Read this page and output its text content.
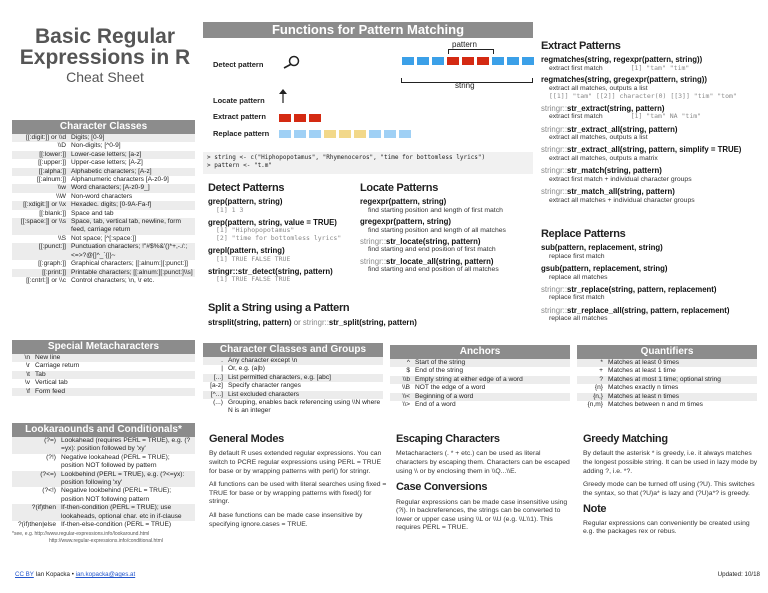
Basic Regular
Expressions in R
Cheat Sheet
Character Classes
[[:digit:]] or \\d	Digits; [0-9]
\\D	Non-digits; [^0-9]
[[:lower:]]	Lower-case letters; [a-z]
[[:upper:]]	Upper-case letters; [A-Z]
[[:alpha:]]	Alphabetic characters; [A-z]
[[:alnum:]]	Alphanumeric characters [A-z0-9]
\\w	Word characters; [A-z0-9_]
\\W	Non-word characters
[[:xdigit:]] or \\x	Hexadec. digits; [0-9A-Fa-f]
[[:blank:]]	Space and tab
[[:space:]] or \\s	Space, tab, vertical tab, newline, form feed, carriage return
\\S	Not space; [^[:space:]]
[[:punct:]]	Punctuation characters; !"#$%&'()*+,-./:;<=>?@[]^_`{|}~
[[:graph:]]	Graphical characters; [[:alnum:][:punct:]]
[[:print:]]	Printable characters; [[:alnum:][:punct:]\\s]
[[:cntrl:]] or \\c	Control characters; \n, \r etc.
Special Metacharacters
\n	New line
\r	Carriage return
\t	Tab
\v	Vertical tab
\f	Form feed
Lookaraounds and Conditionals*
(?=)	Lookahead (requires PERL = TRUE), e.g. (?=yx): position followed by 'xy'
(?!)	Negative lookahead (PERL = TRUE); position NOT followed by pattern
(?<=)	Lookbehind (PERL = TRUE), e.g. (?<=yx): position following 'xy'
(?<!)	Negative lookbehind (PERL = TRUE); position NOT following pattern
?(if)then	If-then-condition (PERL = TRUE); use lookaheads, optional char. etc in if-clause
?(if)then|else	If-then-else-condition (PERL = TRUE)
*see, e.g. http://www.regular-expressions.info/lookaround.html
http://www.regular-expressions.info/conditional.html
Functions for Pattern Matching
Detect pattern
pattern
string
Locate pattern
Extract pattern
Replace pattern
> string <- c("Hiphopopotamus", "Rhymenoceros", "time for bottomless lyrics")
> pattern <- "t.m"
Detect Patterns
grep(pattern, string)
[1] 1 3
grep(pattern, string, value = TRUE)
[1] "Hiphopopotamus"
[2] "time for bottomless lyrics"
grepl(pattern, string)
[1] TRUE FALSE TRUE
stringr::str_detect(string, pattern)
[1] TRUE FALSE TRUE
Split a String using a Pattern
strsplit(string, pattern) or stringr::str_split(string, pattern)
Locate Patterns
regexpr(pattern, string)
find starting position and length of first match
gregexpr(pattern, string)
find starting position and length of all matches
stringr::str_locate(string, pattern)
find starting and end position of first match
stringr::str_locate_all(string, pattern)
find starting and end position of all matches
Extract Patterns
regmatches(string, regexpr(pattern, string))
extract first match	[1] "tam" "tim"
regmatches(string, gregexpr(pattern, string))
extract all matches, outputs a list
[[1]] "tam" [[2]] character(0) [[3]] "tim" "tom"
stringr::str_extract(string, pattern)
extract first match	[1] "tam" NA "tim"
stringr::str_extract_all(string, pattern)
extract all matches, outputs a list
stringr::str_extract_all(string, pattern, simplify = TRUE)
extract all matches, outputs a matrix
stringr::str_match(string, pattern)
extract first match + individual character groups
stringr::str_match_all(string, pattern)
extract all matches + individual character groups
Replace Patterns
sub(pattern, replacement, string)
replace first match
gsub(pattern, replacement, string)
replace all matches
stringr::str_replace(string, pattern, replacement)
replace first match
stringr::str_replace_all(string, pattern, replacement)
replace all matches
Character Classes and Groups
.	Any character except \n
|	Or, e.g. (a|b)
[...]	List permitted characters, e.g. [abc]
[a-z]	Specify character ranges
[^...]	List excluded characters
(...)	Grouping, enables back referencing using \\N where N is an integer
Anchors
^	Start of the string
$	End of the string
\\b	Empty string at either edge of a word
\\B	NOT the edge of a word
\\<	Beginning of a word
\\>	End of a word
Quantifiers
*	Matches at least 0 times
+	Matches at least 1 time
?	Matches at most 1 time; optional string
{n}	Matches exactly n times
{n,}	Matches at least n times
{n,m}	Matches between n and m times
General Modes
By default R uses extended regular expressions. You can switch to PCRE regular expressions using PERL = TRUE for base or by wrapping patterns with perl() for stringr.
All functions can be used with literal searches using fixed = TRUE for base or by wrapping patterns with fixed() for stringr.
All base functions can be made case insensitive by specifying ignore.cases = TRUE.
Escaping Characters
Metacharacters (. * + etc.) can be used as literal characters by escaping them. Characters can be escaped using \\ or by enclosing them in \\Q...\\E.
Case Conversions
Regular expressions can be made case insensitive using (?i). In backreferences, the strings can be converted to lower or upper case using \\L or \\U (e.g. \\L\\1). This requires PERL = TRUE.
Greedy Matching
By default the asterisk * is greedy, i.e. it always matches the longest possible string. It can be used in lazy mode by adding ?, i.e. *?.
Greedy mode can be turned off using (?U). This switches the syntax, so that (?U)a* is lazy and (?U)a*? is greedy.
Note
Regular expressions can conveniently be created using e.g. the packages rex or rebus.
CC BY Ian Kopacka • ian.kopacka@ages.at	Updated: 10/18
